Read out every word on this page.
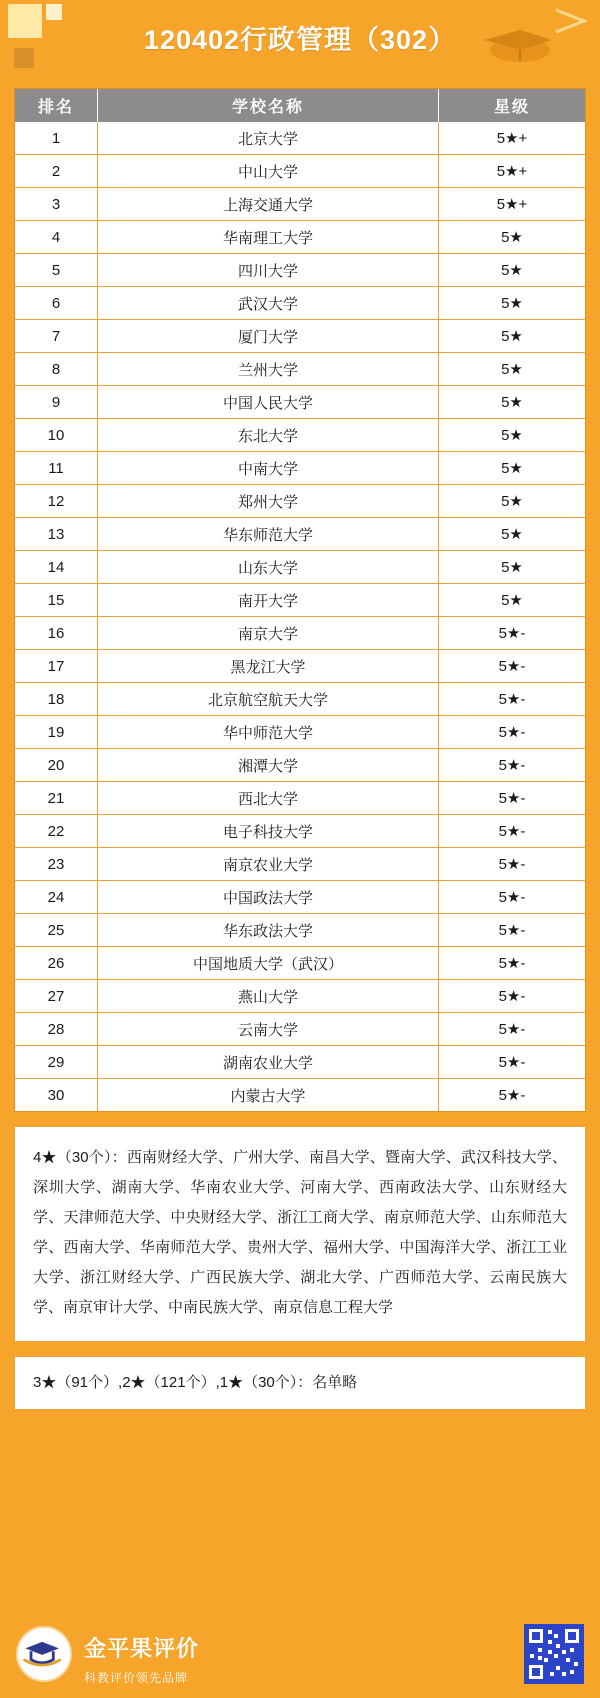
120402行政管理（302）
排名	学校名称	星级
1	北京大学	5★+
2	中山大学	5★+
3	上海交通大学	5★+
4	华南理工大学	5★
5	四川大学	5★
6	武汉大学	5★
7	厦门大学	5★
8	兰州大学	5★
9	中国人民大学	5★
10	东北大学	5★
11	中南大学	5★
12	郑州大学	5★
13	华东师范大学	5★
14	山东大学	5★
15	南开大学	5★
16	南京大学	5★-
17	黑龙江大学	5★-
18	北京航空航天大学	5★-
19	华中师范大学	5★-
20	湘潭大学	5★-
21	西北大学	5★-
22	电子科技大学	5★-
23	南京农业大学	5★-
24	中国政法大学	5★-
25	华东政法大学	5★-
26	中国地质大学（武汉）	5★-
27	燕山大学	5★-
28	云南大学	5★-
29	湖南农业大学	5★-
30	内蒙古大学	5★-
4★（30个）：西南财经大学、广州大学、南昌大学、暨南大学、武汉科技大学、深圳大学、湖南大学、华南农业大学、河南大学、西南政法大学、山东财经大学、天津师范大学、中央财经大学、浙江工商大学、南京师范大学、山东师范大学、西南大学、华南师范大学、贵州大学、福州大学、中国海洋大学、浙江工业大学、浙江财经大学、广西民族大学、湖北大学、广西师范大学、云南民族大学、南京审计大学、中南民族大学、南京信息工程大学
3★（91个）,2★（121个）,1★（30个）：名单略
金平果评价
科教评价领先品牌
